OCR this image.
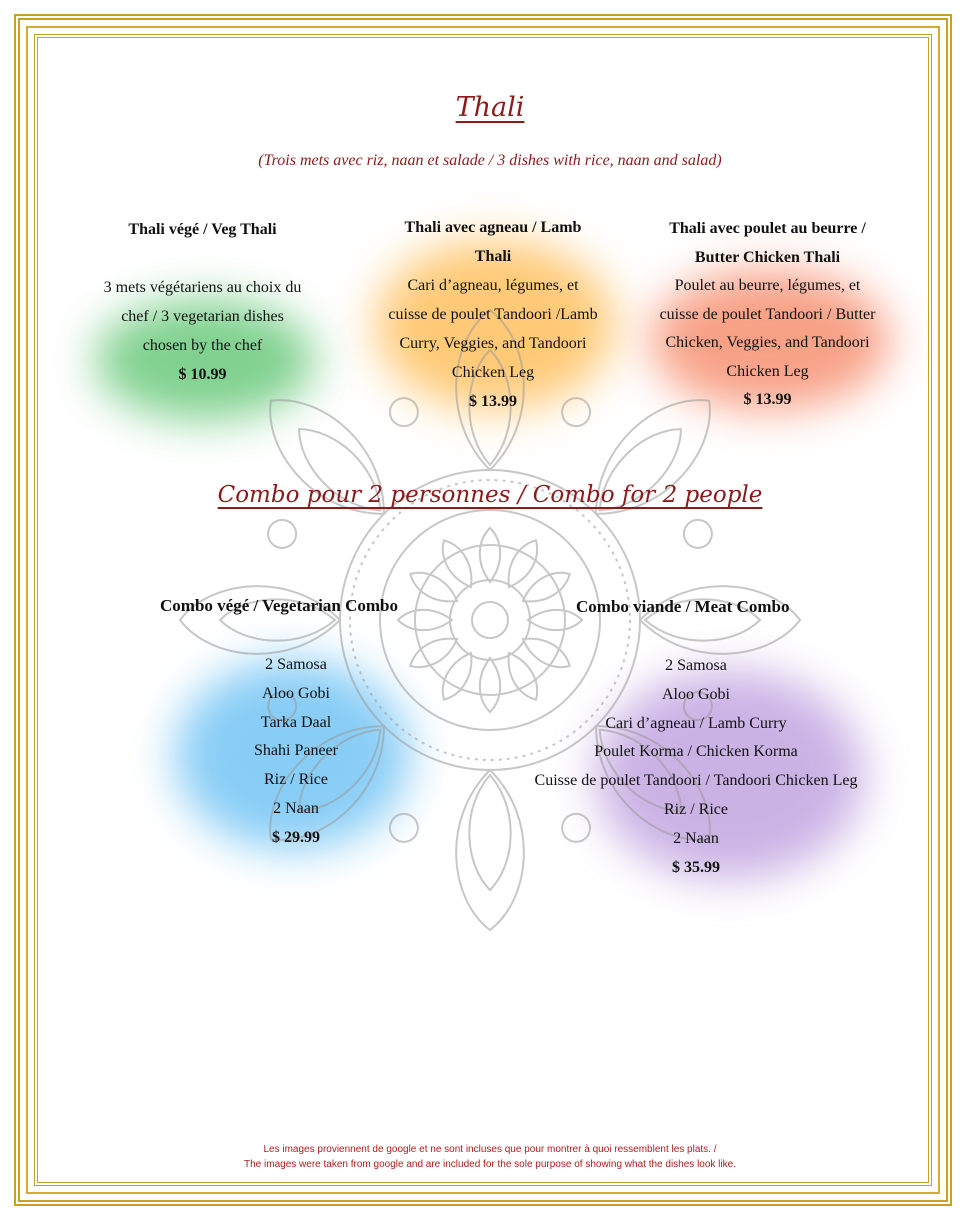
Thali
(Trois mets avec riz, naan et salade / 3 dishes with rice, naan and salad)
Thali végé / Veg Thali
3 mets végétariens au choix du
chef / 3 vegetarian dishes
chosen by the chef
$ 10.99
Thali avec agneau / Lamb
Thali
Cari d’agneau, légumes, et
cuisse de poulet Tandoori /Lamb
Curry, Veggies, and Tandoori
Chicken Leg
$ 13.99
Thali avec poulet au beurre /
Butter Chicken Thali
Poulet au beurre, légumes, et
cuisse de poulet Tandoori / Butter
Chicken, Veggies, and Tandoori
Chicken Leg
$ 13.99
Combo pour 2 personnes / Combo for 2 people
Combo végé / Vegetarian Combo	Combo viande / Meat Combo
2 Samosa
Aloo Gobi
Tarka Daal
Shahi Paneer
Riz / Rice
2 Naan
$ 29.99
2 Samosa
Aloo Gobi
Cari d’agneau / Lamb Curry
Poulet Korma / Chicken Korma
Cuisse de poulet Tandoori / Tandoori Chicken Leg
Riz / Rice
2 Naan
$ 35.99
Les images proviennent de google et ne sont incluses que pour montrer à quoi ressemblent les plats. /
The images were taken from google and are included for the sole purpose of showing what the dishes look like.
